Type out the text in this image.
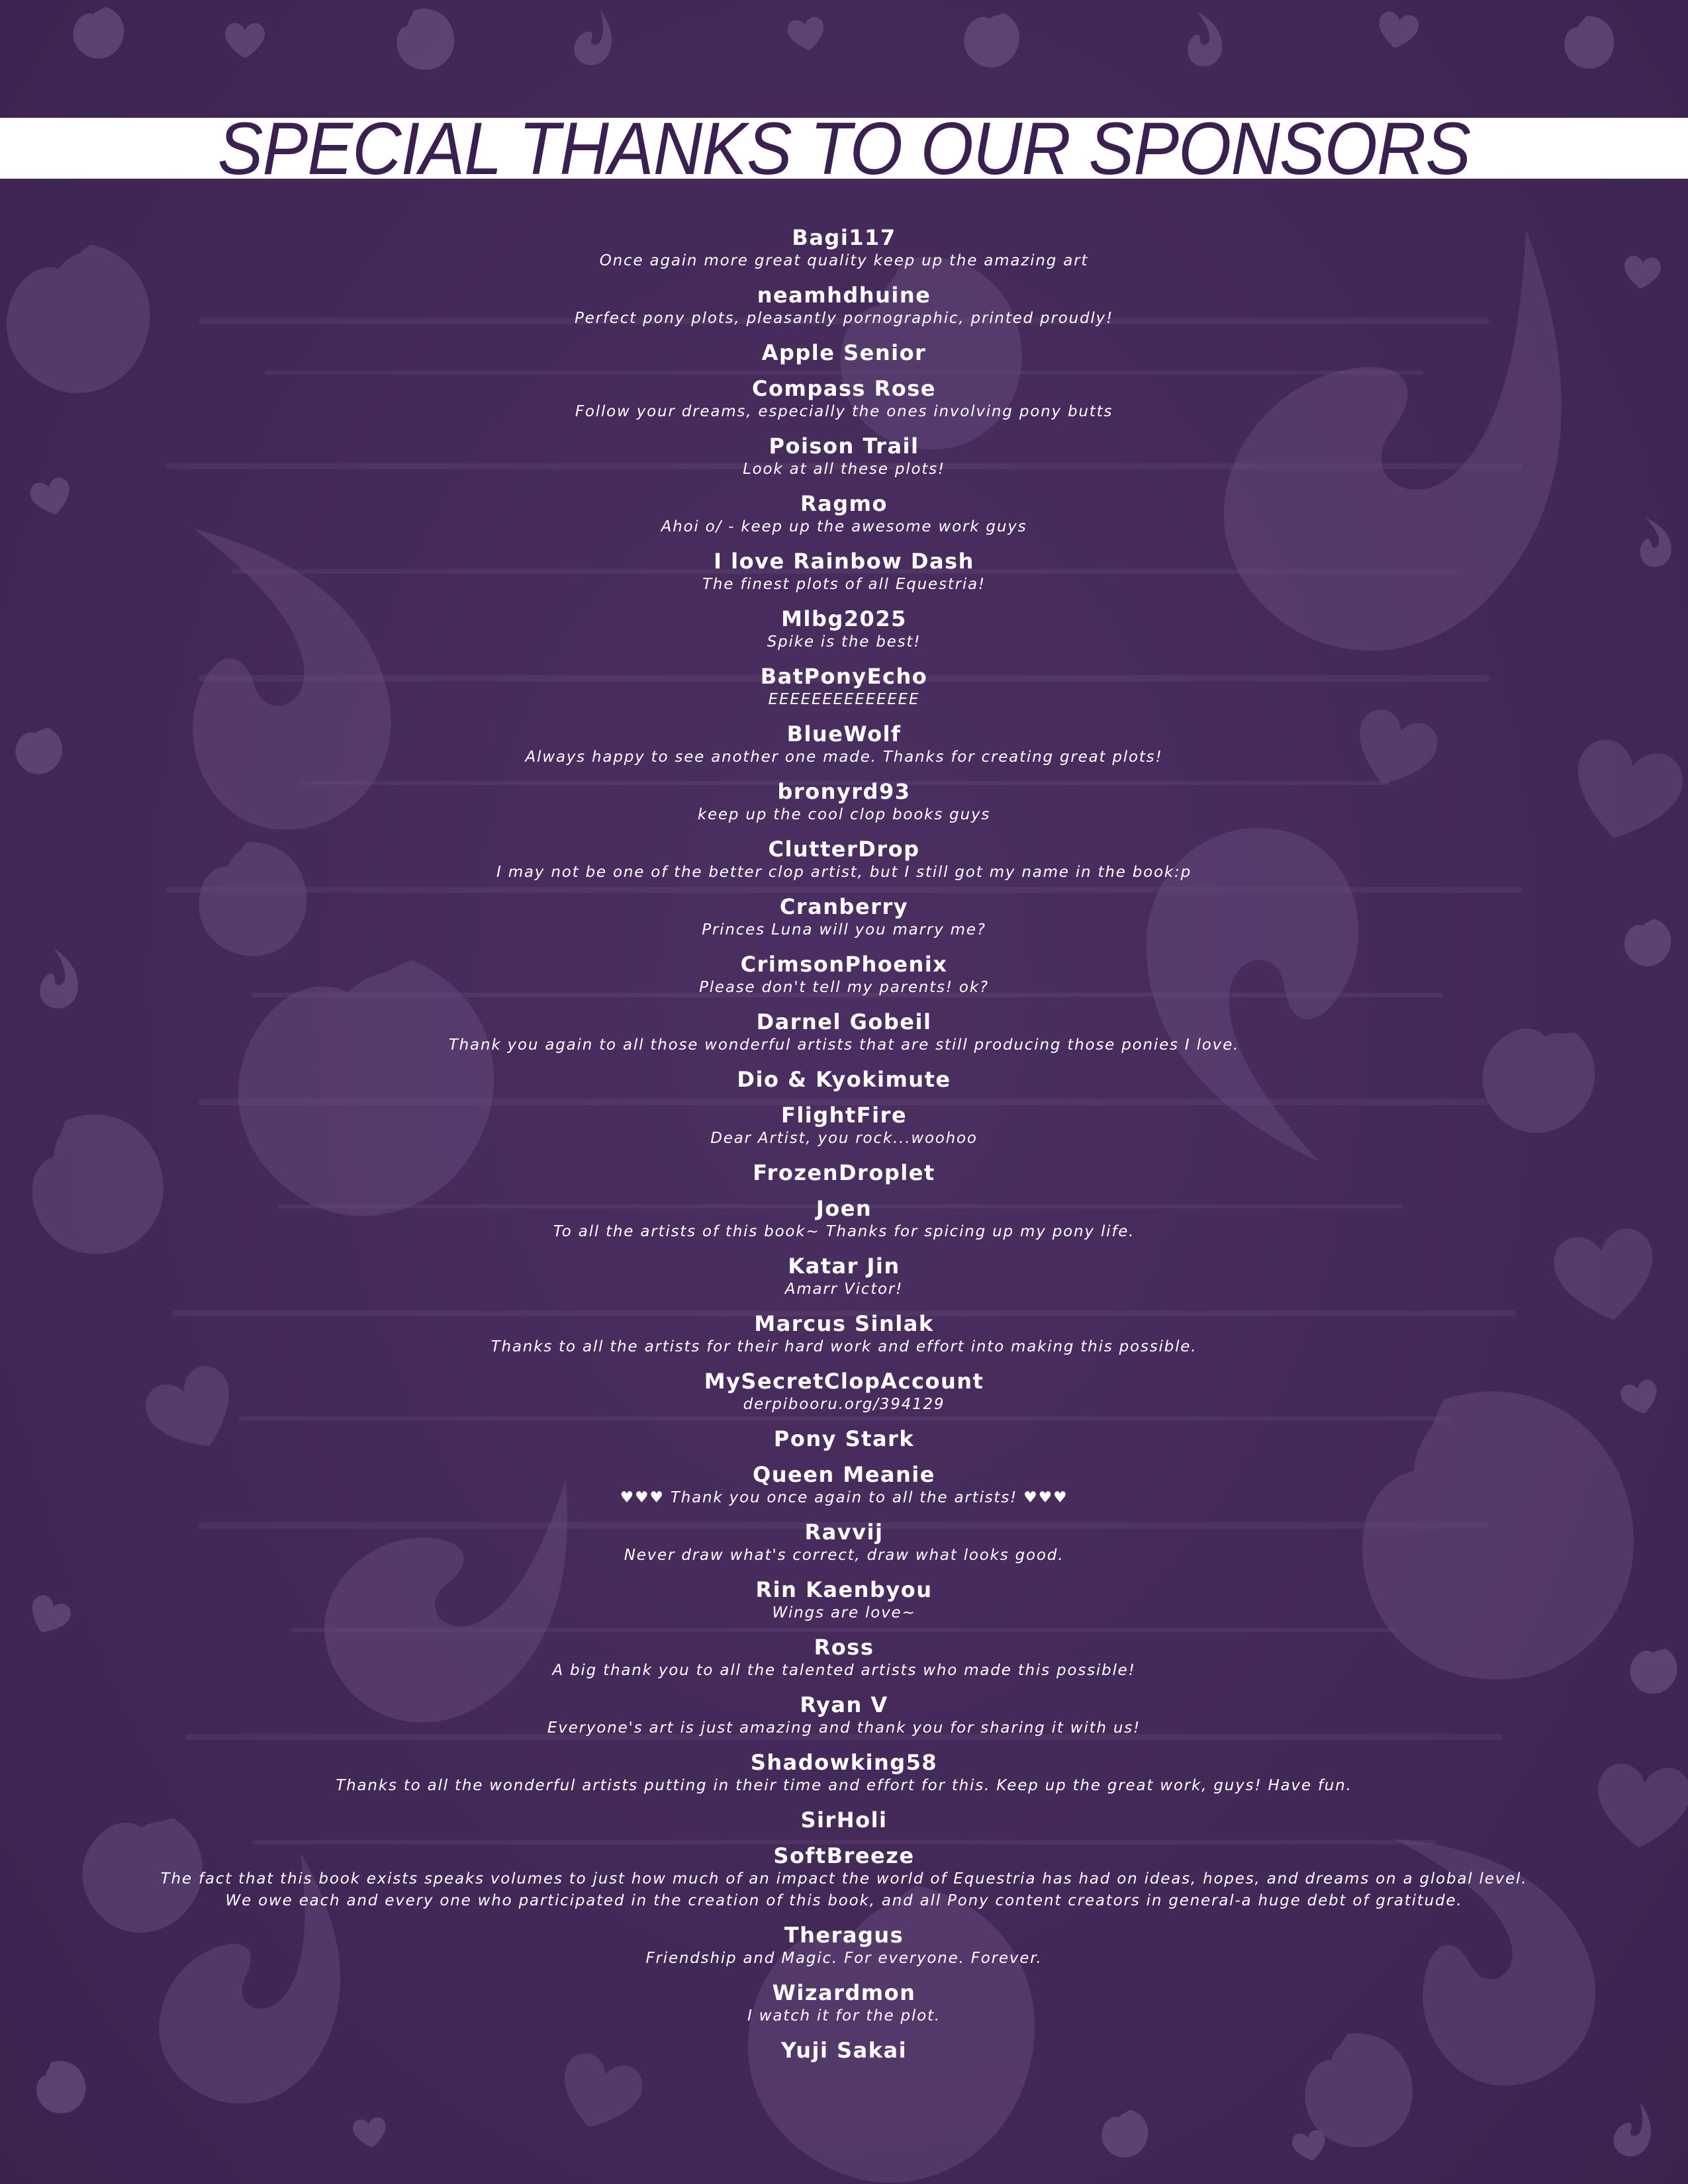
SPECIAL THANKS TO OUR SPONSORS
Bagi117
Once again more great quality keep up the amazing art
neamhdhuine
Perfect pony plots, pleasantly pornographic, printed proudly!
Apple Senior
Compass Rose
Follow your dreams, especially the ones involving pony butts
Poison Trail
Look at all these plots!
Ragmo
Ahoi o/ - keep up the awesome work guys
I love Rainbow Dash
The finest plots of all Equestria!
Mlbg2025
Spike is the best!
BatPonyEcho
EEEEEEEEEEEEEE
BlueWolf
Always happy to see another one made. Thanks for creating great plots!
bronyrd93
keep up the cool clop books guys
ClutterDrop
I may not be one of the better clop artist, but I still got my name in the book:p
Cranberry
Princes Luna will you marry me?
CrimsonPhoenix
Please don't tell my parents! ok?
Darnel Gobeil
Thank you again to all those wonderful artists that are still producing those ponies I love.
Dio & Kyokimute
FlightFire
Dear Artist, you rock...woohoo
FrozenDroplet
Joen
To all the artists of this book~ Thanks for spicing up my pony life.
Katar Jin
Amarr Victor!
Marcus Sinlak
Thanks to all the artists for their hard work and effort into making this possible.
MySecretClopAccount
derpibooru.org/394129
Pony Stark
Queen Meanie
♥♥♥ Thank you once again to all the artists! ♥♥♥
Ravvij
Never draw what's correct, draw what looks good.
Rin Kaenbyou
Wings are love~
Ross
A big thank you to all the talented artists who made this possible!
Ryan V
Everyone's art is just amazing and thank you for sharing it with us!
Shadowking58
Thanks to all the wonderful artists putting in their time and effort for this. Keep up the great work, guys! Have fun.
SirHoli
SoftBreeze
The fact that this book exists speaks volumes to just how much of an impact the world of Equestria has had on ideas, hopes, and dreams on a global level.
We owe each and every one who participated in the creation of this book, and all Pony content creators in general-a huge debt of gratitude.
Theragus
Friendship and Magic. For everyone. Forever.
Wizardmon
I watch it for the plot.
Yuji Sakai
